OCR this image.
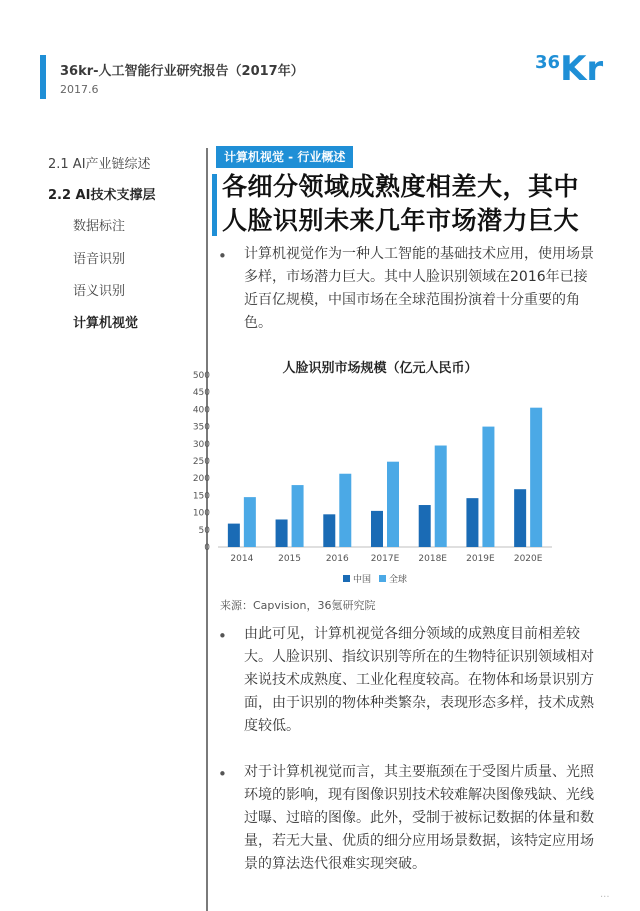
36kr-人工智能行业研究报告（2017年）
2017.6
36Kr
2.1 AI产业链综述
2.2 AI技术支撑层
数据标注
语音识别
语义识别
计算机视觉
计算机视觉 - 行业概述
各细分领域成熟度相差大，其中
人脸识别未来几年市场潜力巨大
• 计算机视觉作为一种人工智能的基础技术应用，使用场景多样，市场潜力巨大。其中人脸识别领域在2016年已接近百亿规模，中国市场在全球范围扮演着十分重要的角色。
人脸识别市场规模（亿元人民币）
0
50
100
150
200
250
300
350
400
450
500
2014	2015	2016 2017E 2018E 2019E 2020E
中国 全球
来源：Capvision，36氪研究院
• 由此可见，计算机视觉各细分领域的成熟度目前相差较大。人脸识别、指纹识别等所在的生物特征识别领域相对来说技术成熟度、工业化程度较高。在物体和场景识别方面，由于识别的物体种类繁杂，表现形态多样，技术成熟度较低。
• 对于计算机视觉而言，其主要瓶颈在于受图片质量、光照环境的影响，现有图像识别技术较难解决图像残缺、光线过曝、过暗的图像。此外，受制于被标记数据的体量和数量，若无大量、优质的细分应用场景数据，该特定应用场景的算法迭代很难实现突破。
···
